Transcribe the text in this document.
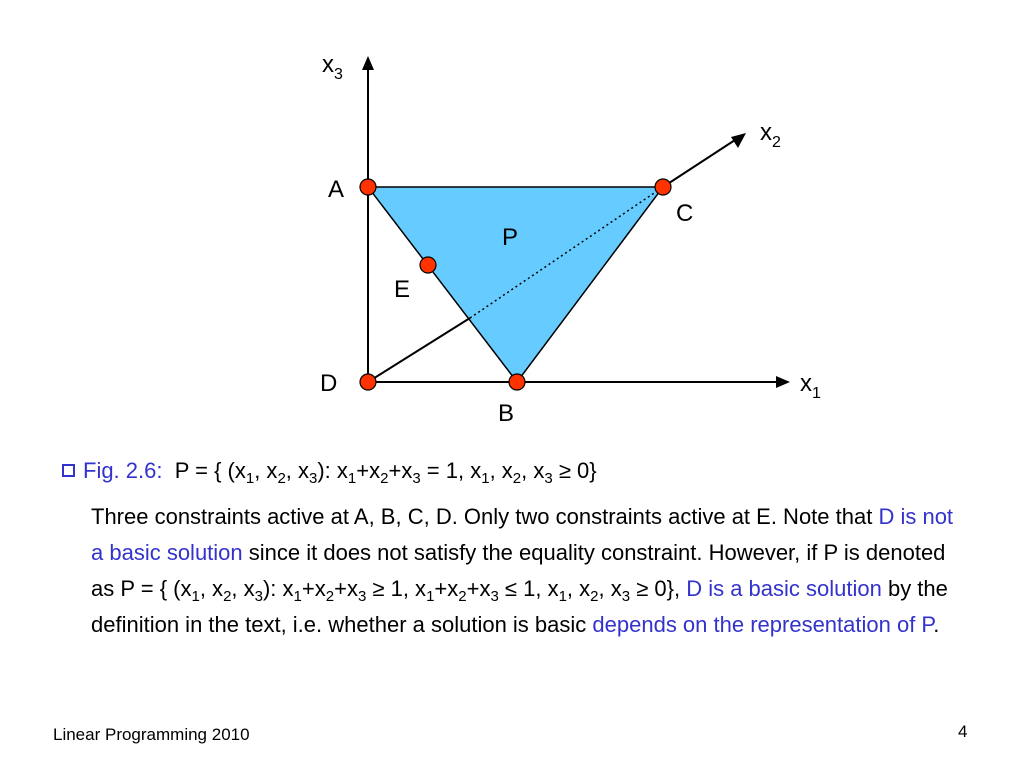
A
B
C
D
E
P
$x_3$
$x_2$
$x_1$
Fig. 2.6: P = { ($x_1$, $x_2$, $x_3$): $x_1+x_2+x_3 = 1$, $x_1$, $x_2$, $x_3 \ge 0$}
Three constraints active at A, B, C, D. Only two constraints active at E. Note that D is not a basic solution since it does not satisfy the equality constraint. However, if P is denoted as P = { ($x_1$, $x_2$, $x_3$): $x_1+x_2+x_3 \ge 1$, $x_1+x_2+x_3 \le 1$, $x_1$, $x_2$, $x_3 \ge 0$}, D is a basic solution by the definition in the text, i.e. whether a solution is basic depends on the representation of P.
Linear Programming 2010	4
